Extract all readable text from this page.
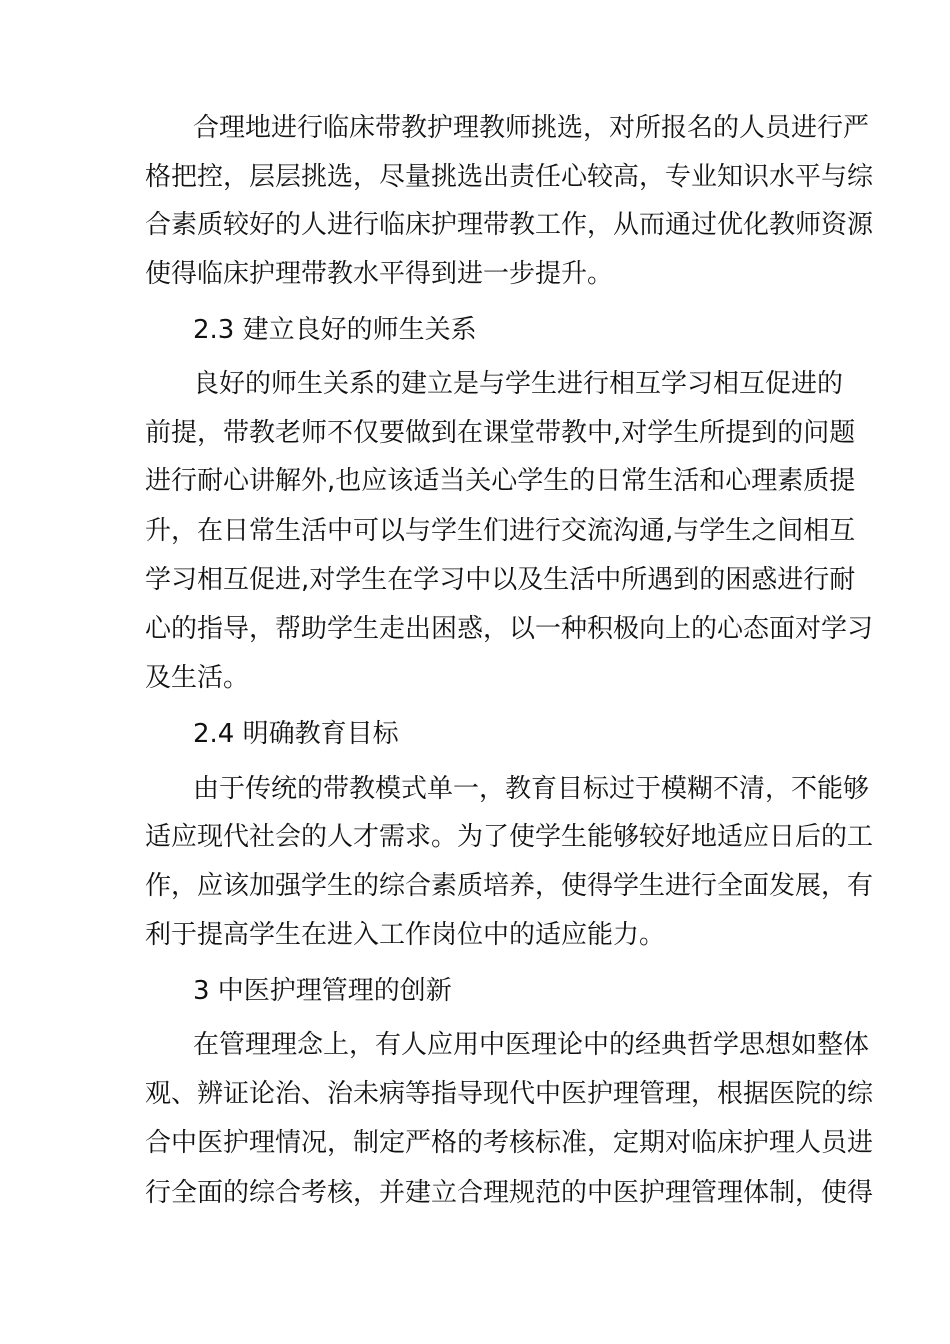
合理地进行临床带教护理教师挑选，对所报名的人员进行严
格把控，层层挑选，尽量挑选出责任心较高，专业知识水平与综
合素质较好的人进行临床护理带教工作，从而通过优化教师资源
使得临床护理带教水平得到进一步提升。
2.3 建立良好的师生关系
良好的师生关系的建立是与学生进行相互学习相互促进的
前提，带教老师不仅要做到在课堂带教中,对学生所提到的问题
进行耐心讲解外,也应该适当关心学生的日常生活和心理素质提
升，在日常生活中可以与学生们进行交流沟通,与学生之间相互
学习相互促进,对学生在学习中以及生活中所遇到的困惑进行耐
心的指导，帮助学生走出困惑，以一种积极向上的心态面对学习
及生活。
2.4 明确教育目标
由于传统的带教模式单一，教育目标过于模糊不清，不能够
适应现代社会的人才需求。为了使学生能够较好地适应日后的工
作，应该加强学生的综合素质培养，使得学生进行全面发展，有
利于提高学生在进入工作岗位中的适应能力。
3 中医护理管理的创新
在管理理念上，有人应用中医理论中的经典哲学思想如整体
观、辨证论治、治未病等指导现代中医护理管理，根据医院的综
合中医护理情况，制定严格的考核标准，定期对临床护理人员进
行全面的综合考核，并建立合理规范的中医护理管理体制，使得
